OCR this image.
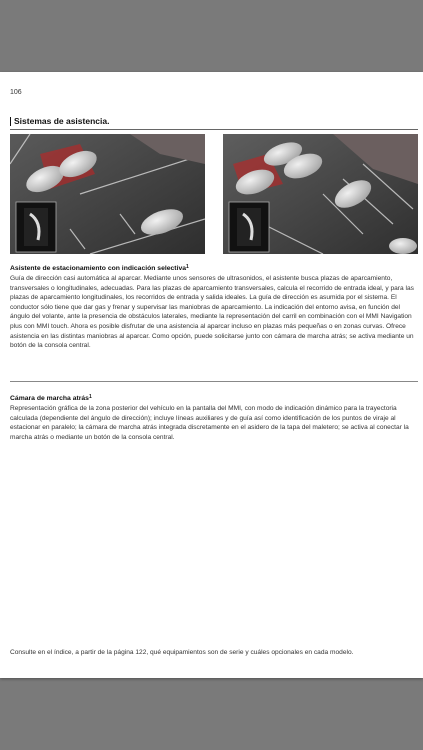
106
Sistemas de asistencia.
Asistente de estacionamiento con indicación selectiva$^1$
Guía de dirección casi automática al aparcar. Mediante unos sensores de ultrasonidos, el asistente busca plazas de aparcamiento, transversales o longitudinales, adecuadas. Para las plazas de aparcamiento transversales, calcula el recorrido de entrada ideal, y para las plazas de aparcamiento longitudinales, los recorridos de entrada y salida ideales. La guía de dirección es asumida por el sistema. El conductor sólo tiene que dar gas y frenar y supervisar las maniobras de aparcamiento. La indicación del entorno avisa, en función del ángulo del volante, ante la presencia de obstáculos laterales, mediante la representación del carril en combinación con el MMI Navigation plus con MMI touch. Ahora es posible disfrutar de una asistencia al aparcar incluso en plazas más pequeñas o en zonas curvas. Ofrece asistencia en las distintas maniobras al aparcar. Como opción, puede solicitarse junto con cámara de marcha atrás; se activa mediante un botón de la consola central.
Cámara de marcha atrás$^1$
Representación gráfica de la zona posterior del vehículo en la pantalla del MMI, con modo de indicación dinámico para la trayectoria calculada (dependiente del ángulo de dirección); incluye líneas auxiliares y de guía así como identificación de los puntos de viraje al estacionar en paralelo; la cámara de marcha atrás integrada discretamente en el asidero de la tapa del maletero; se activa al conectar la marcha atrás o mediante un botón de la consola central.
Consulte en el índice, a partir de la página 122, qué equipamientos son de serie y cuáles opcionales en cada modelo.
